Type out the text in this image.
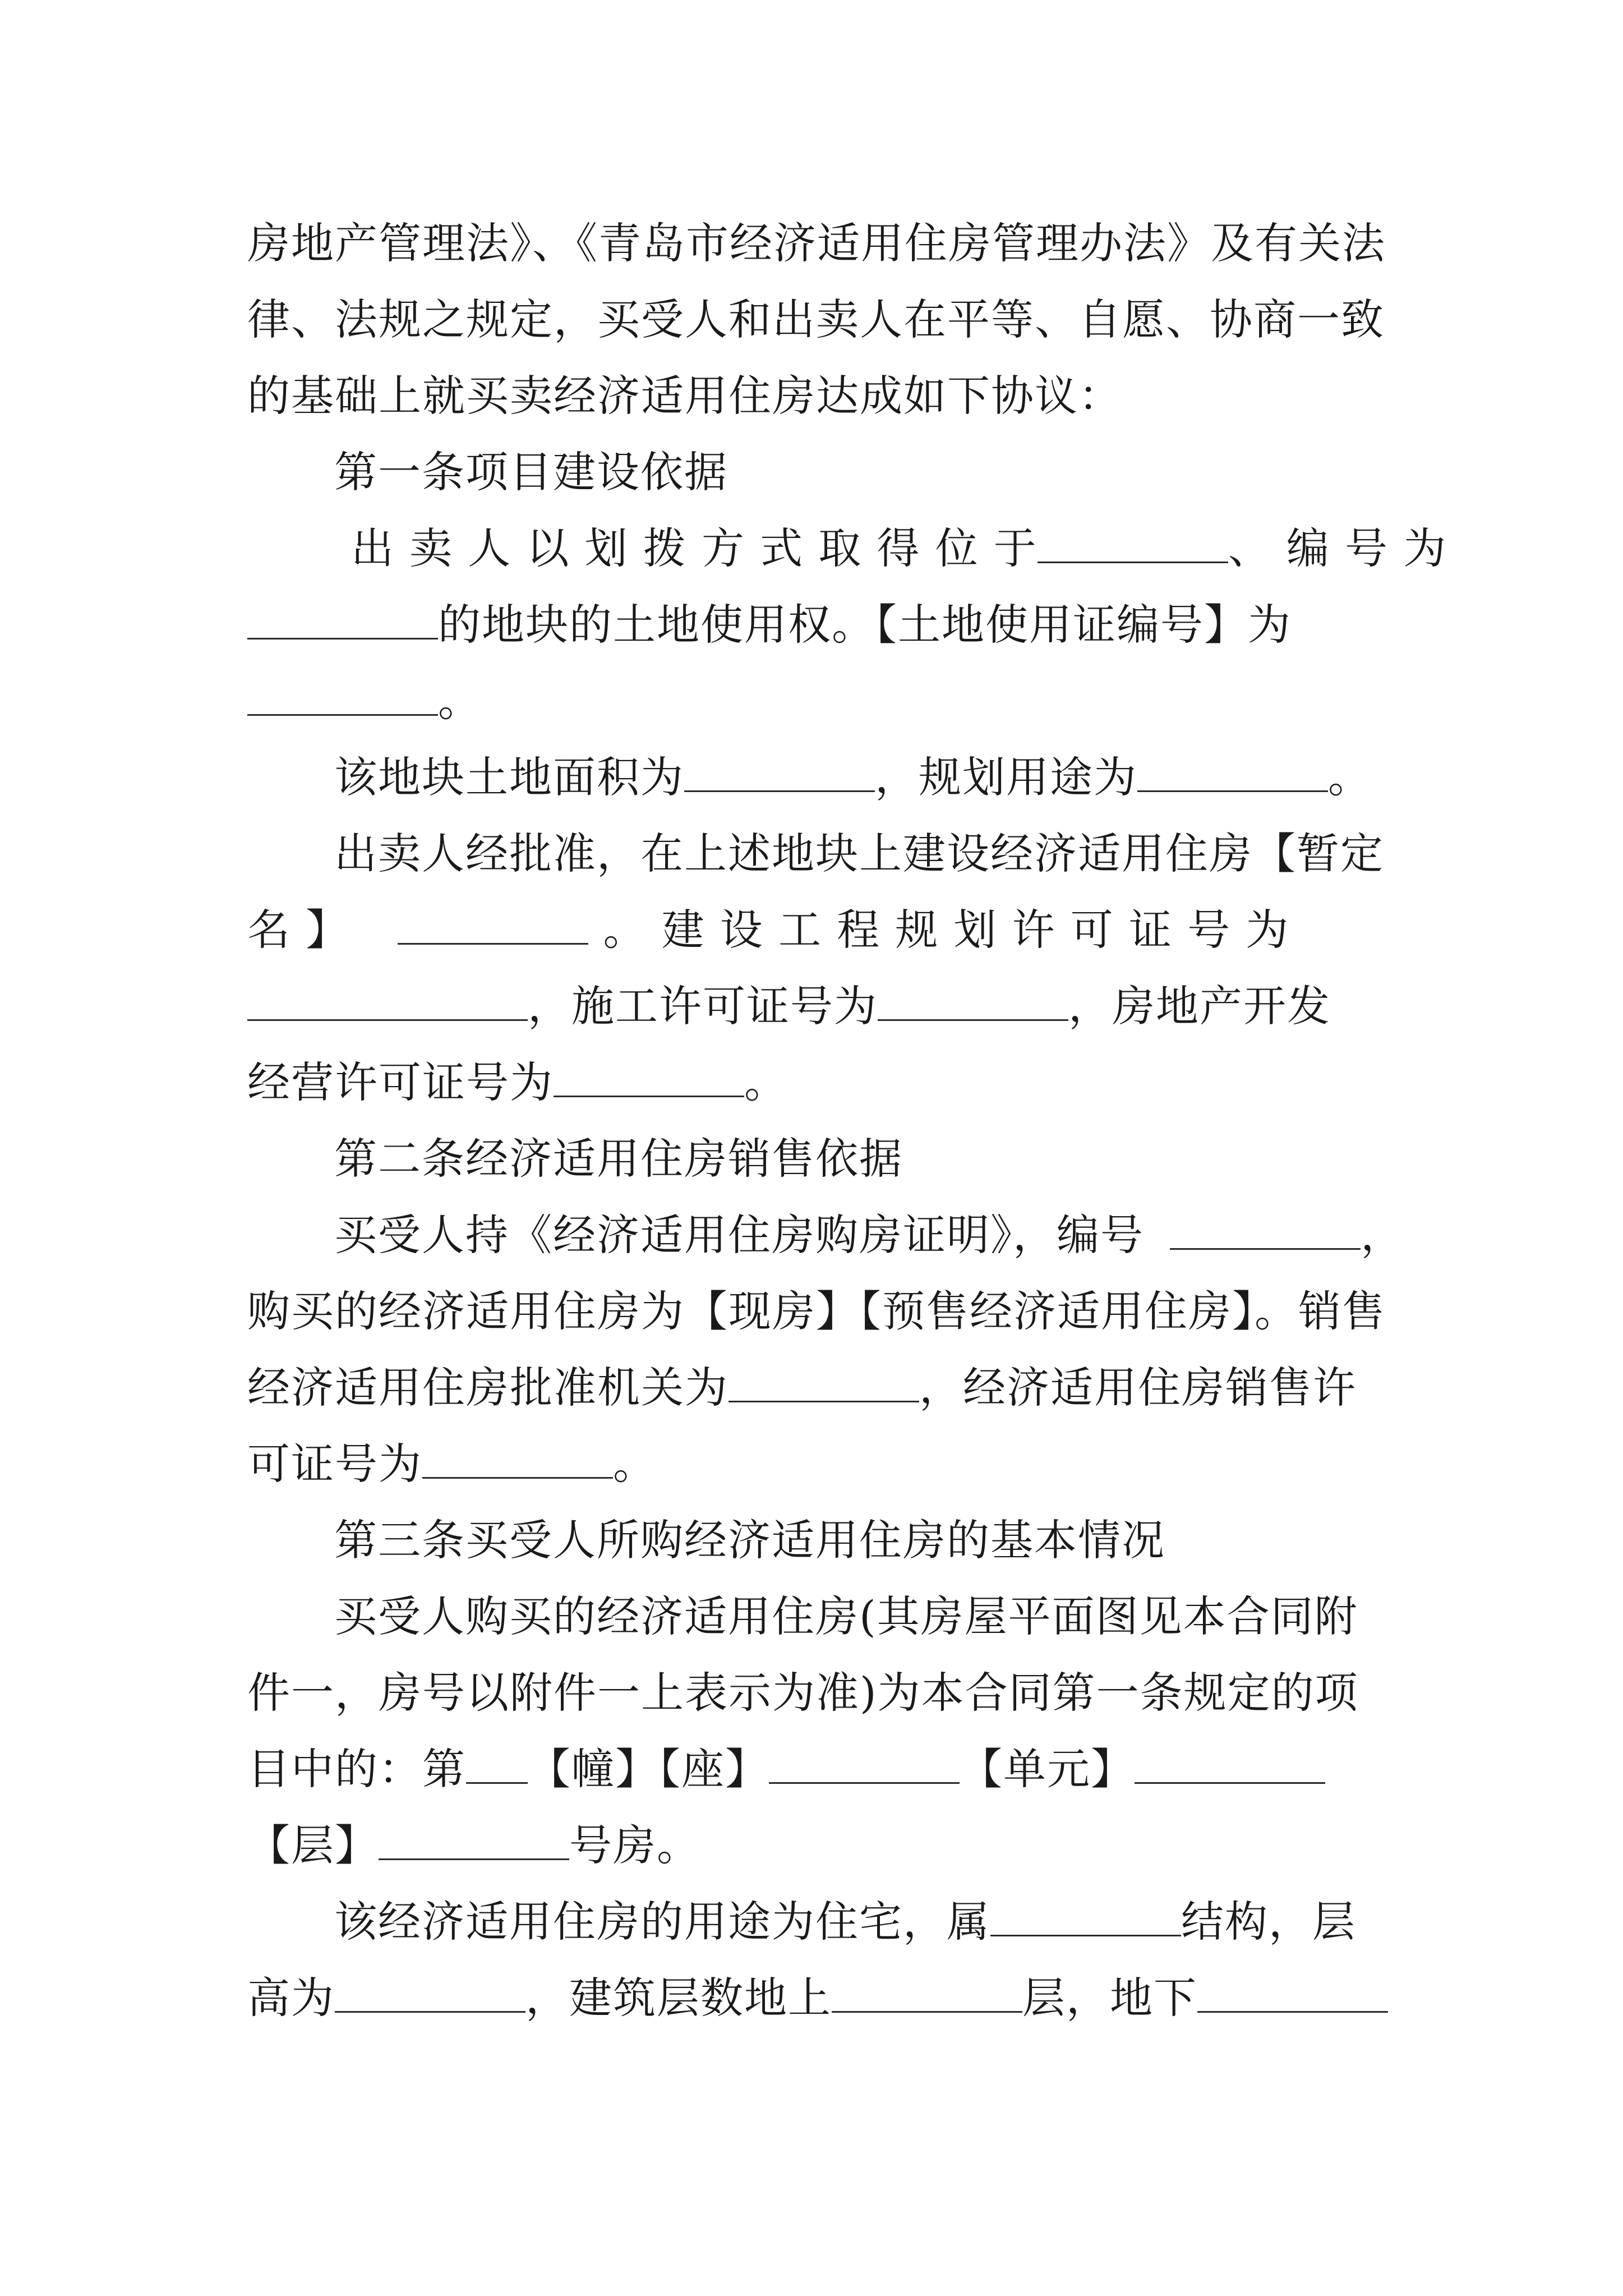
房地产管理法》、《青岛市经济适用住房管理办法》及有关法
律、法规之规定，买受人和出卖人在平等、自愿、协商一致
的基础上就买卖经济适用住房达成如下协议：
第一条项目建设依据
出 卖 人 以 划 拨 方 式 取 得 位 于	、 编 号 为
的地块的土地使用权。【土地使用证编号】为
。
该地块土地面积为	，规划用途为	。
出卖人经批准，在上述地块上建设经济适用住房【暂定
名 】	。 建 设 工 程 规 划 许 可 证 号 为
，施工许可证号为	，房地产开发
经营许可证号为	。
第二条经济适用住房销售依据
买受人持《经济适用住房购房证明》，编号	，
购买的经济适用住房为【现房】【预售经济适用住房】。销售
经济适用住房批准机关为	，经济适用住房销售许
可证号为	。
第三条买受人所购经济适用住房的基本情况
买受人购买的经济适用住房(其房屋平面图见本合同附
件一，房号以附件一上表示为准)为本合同第一条规定的项
目中的：第 【幢】【座】	【单元】
【层】	号房。
该经济适用住房的用途为住宅，属	结构，层
高为	，建筑层数地上	层，地下
